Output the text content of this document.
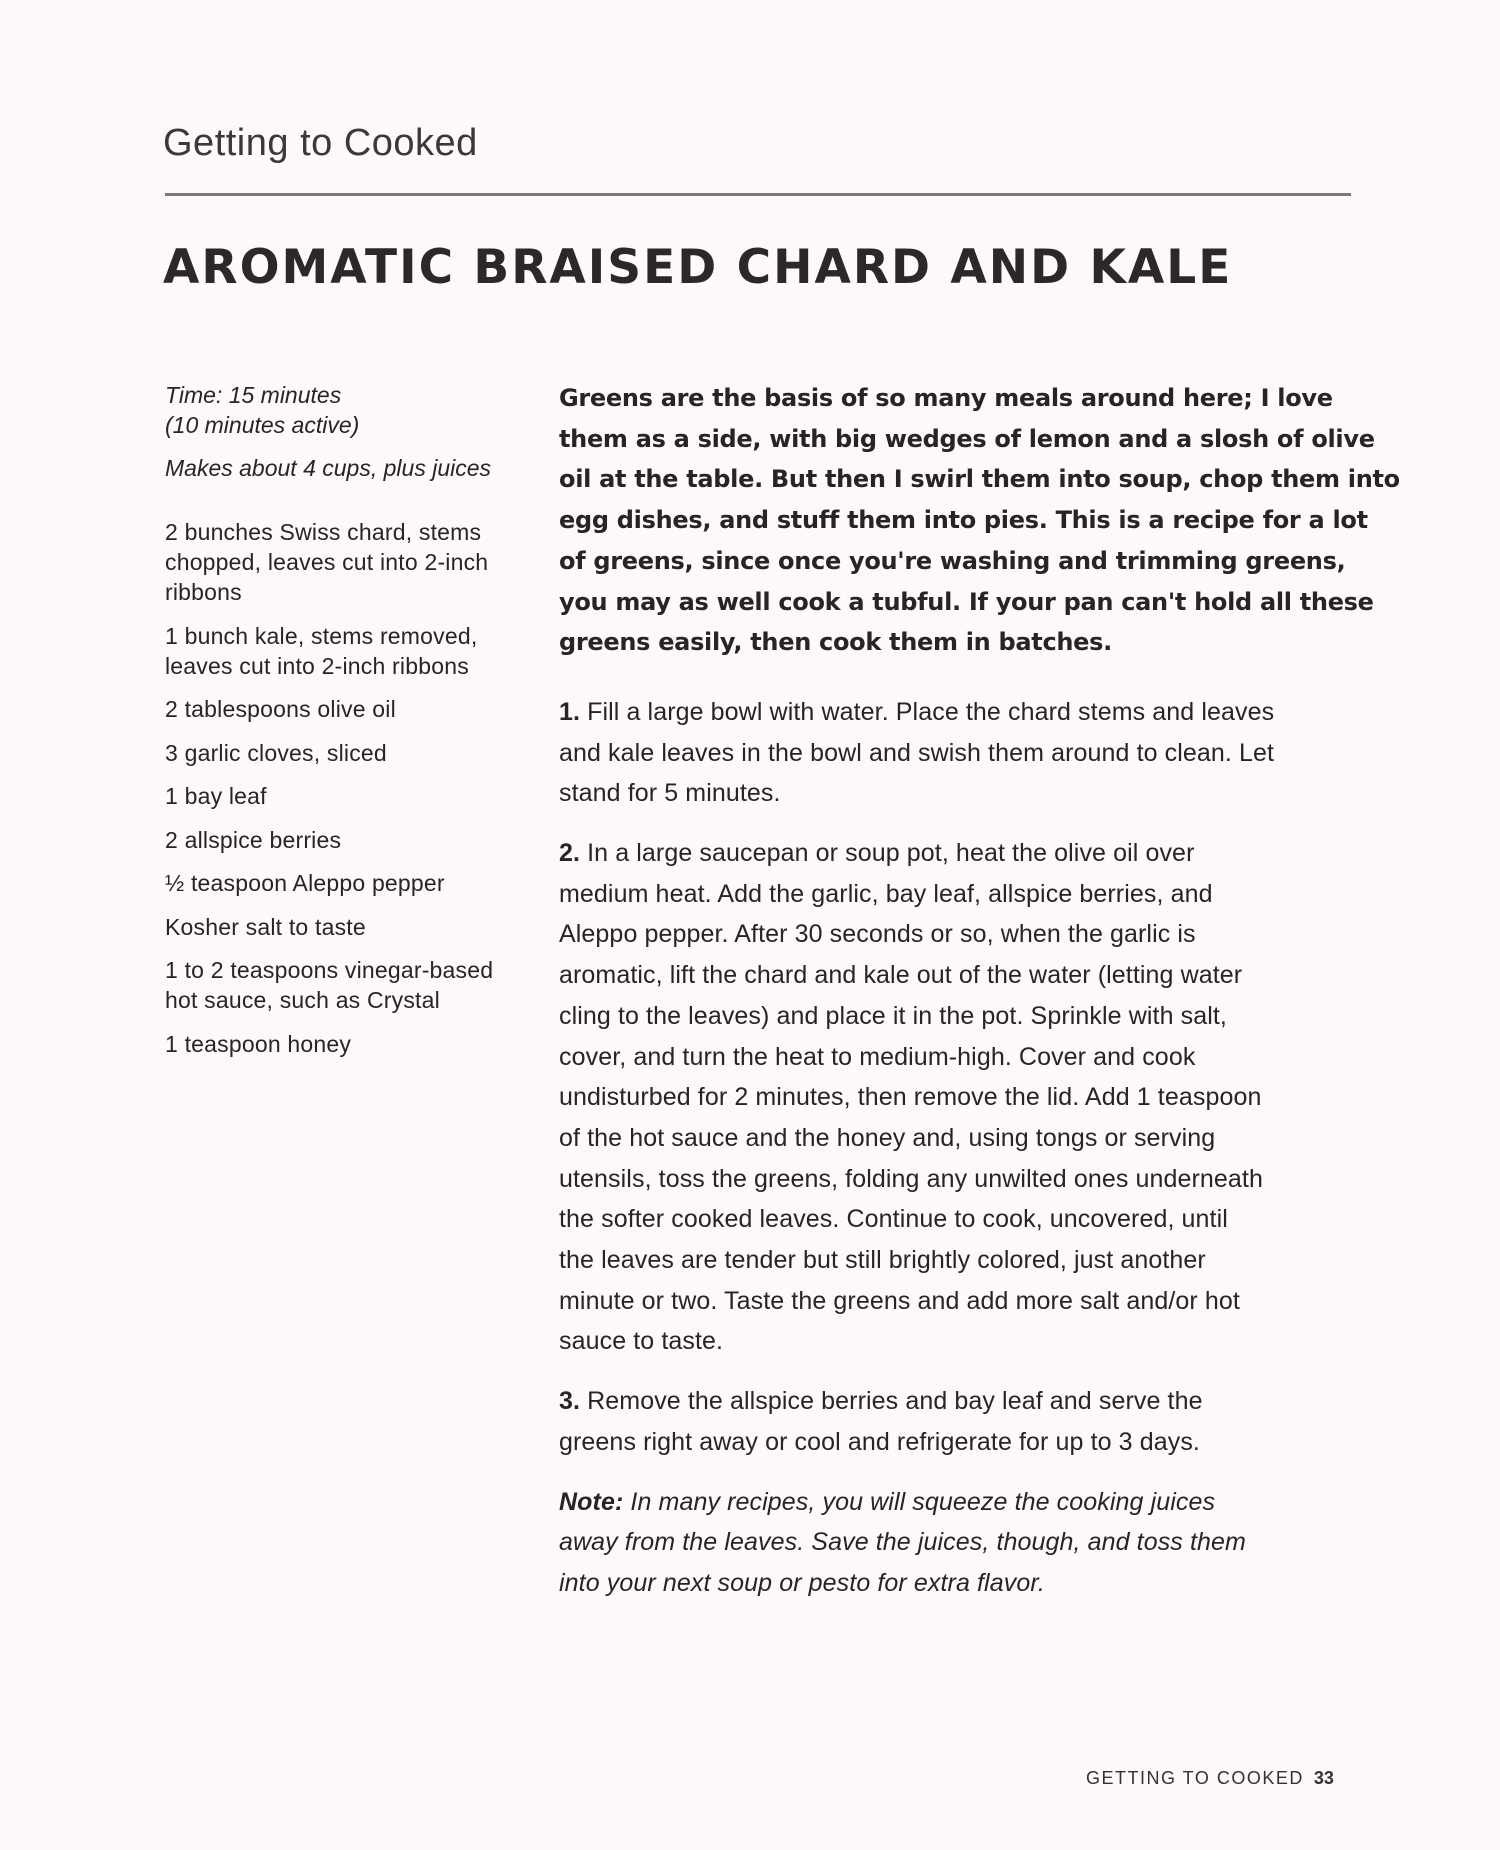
Getting to Cooked
AROMATIC BRAISED CHARD AND KALE
Time: 15 minutes
(10 minutes active)
Makes about 4 cups, plus juices
2 bunches Swiss chard, stems
chopped, leaves cut into 2-inch
ribbons
1 bunch kale, stems removed,
leaves cut into 2-inch ribbons
2 tablespoons olive oil
3 garlic cloves, sliced
1 bay leaf
2 allspice berries
½ teaspoon Aleppo pepper
Kosher salt to taste
1 to 2 teaspoons vinegar-based
hot sauce, such as Crystal
1 teaspoon honey
Greens are the basis of so many meals around here; I love
them as a side, with big wedges of lemon and a slosh of olive
oil at the table. But then I swirl them into soup, chop them into
egg dishes, and stuff them into pies. This is a recipe for a lot
of greens, since once you're washing and trimming greens,
you may as well cook a tubful. If your pan can't hold all these
greens easily, then cook them in batches.
1. Fill a large bowl with water. Place the chard stems and leaves
and kale leaves in the bowl and swish them around to clean. Let
stand for 5 minutes.
2. In a large saucepan or soup pot, heat the olive oil over
medium heat. Add the garlic, bay leaf, allspice berries, and
Aleppo pepper. After 30 seconds or so, when the garlic is
aromatic, lift the chard and kale out of the water (letting water
cling to the leaves) and place it in the pot. Sprinkle with salt,
cover, and turn the heat to medium-high. Cover and cook
undisturbed for 2 minutes, then remove the lid. Add 1 teaspoon
of the hot sauce and the honey and, using tongs or serving
utensils, toss the greens, folding any unwilted ones underneath
the softer cooked leaves. Continue to cook, uncovered, until
the leaves are tender but still brightly colored, just another
minute or two. Taste the greens and add more salt and/or hot
sauce to taste.
3. Remove the allspice berries and bay leaf and serve the
greens right away or cool and refrigerate for up to 3 days.
Note: In many recipes, you will squeeze the cooking juices
away from the leaves. Save the juices, though, and toss them
into your next soup or pesto for extra flavor.
GETTING TO COOKED 33
